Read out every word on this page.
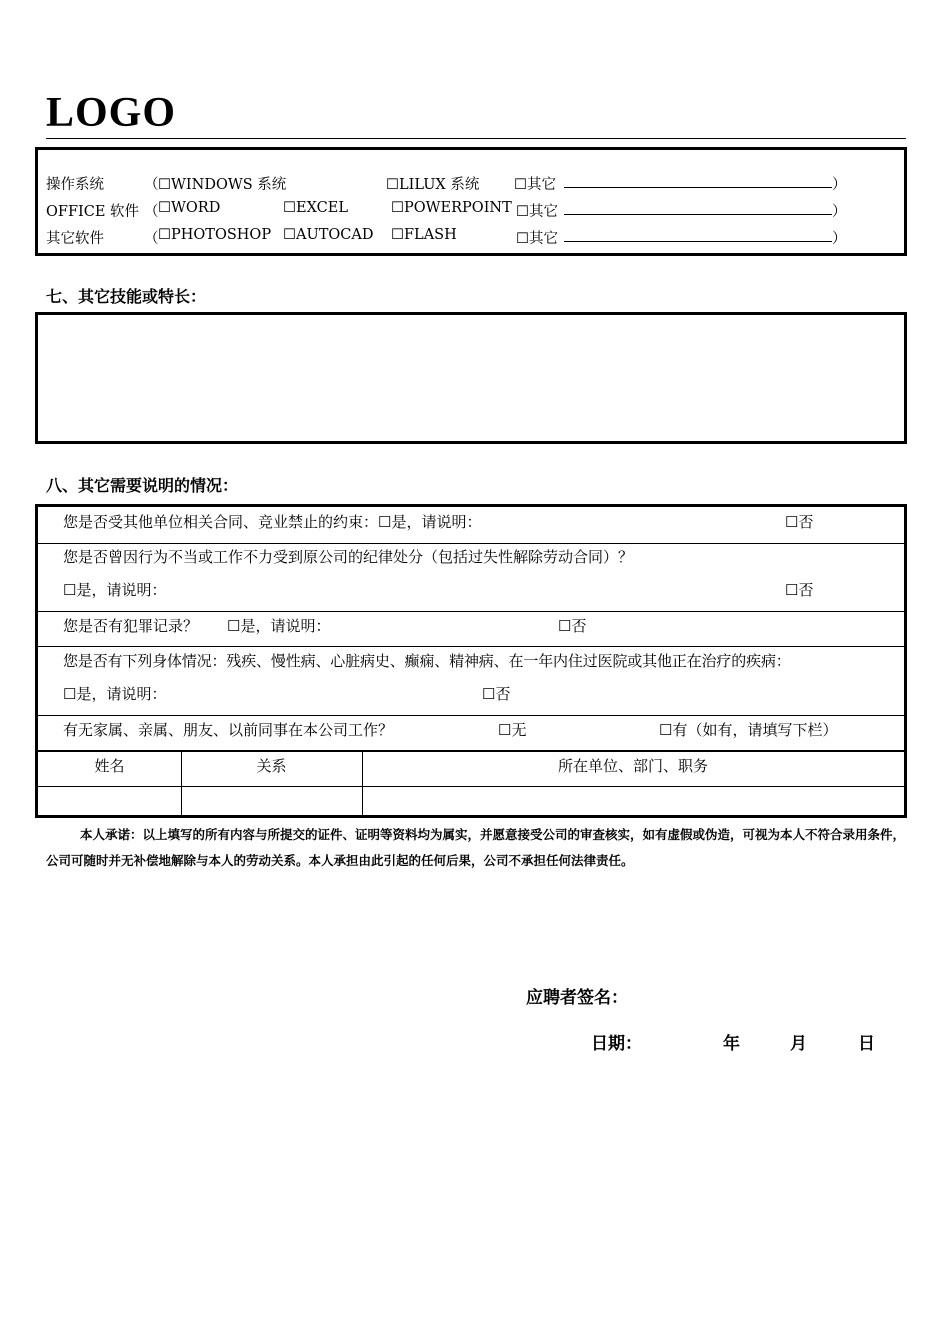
LOGO
操作系统	（ ☐WINDOWS 系统	☐LILUX 系统 ☐其它	）
OFFICE 软件 （ ☐WORD	☐EXCEL	☐POWERPOINT ☐其它	）
其它软件	（ ☐PHOTOSHOP ☐AUTOCAD ☐FLASH	☐其它	）
七、其它技能或特长：
八、其它需要说明的情况：
您是否受其他单位相关合同、竞业禁止的约束：☐是，请说明：	☐否
您是否曾因行为不当或工作不力受到原公司的纪律处分（包括过失性解除劳动合同）？
☐是，请说明：	☐否
您是否有犯罪记录？ ☐是，请说明：	☐否
您是否有下列身体情况：残疾、慢性病、心脏病史、癫痫、精神病、在一年内住过医院或其他正在治疗的疾病：
☐是，请说明：	☐否
有无家属、亲属、朋友、以前同事在本公司工作？	☐无	☐有（如有，请填写下栏）
姓名	关系	所在单位、部门、职务
本人承诺：以上填写的所有内容与所提交的证件、证明等资料均为属实，并愿意接受公司的审查核实，如有虚假或伪造，可视为本人不符合录用条件，公司可随时并无补偿地解除与本人的劳动关系。本人承担由此引起的任何后果，公司不承担任何法律责任。
应聘者签名：
日期：	年	月	日
